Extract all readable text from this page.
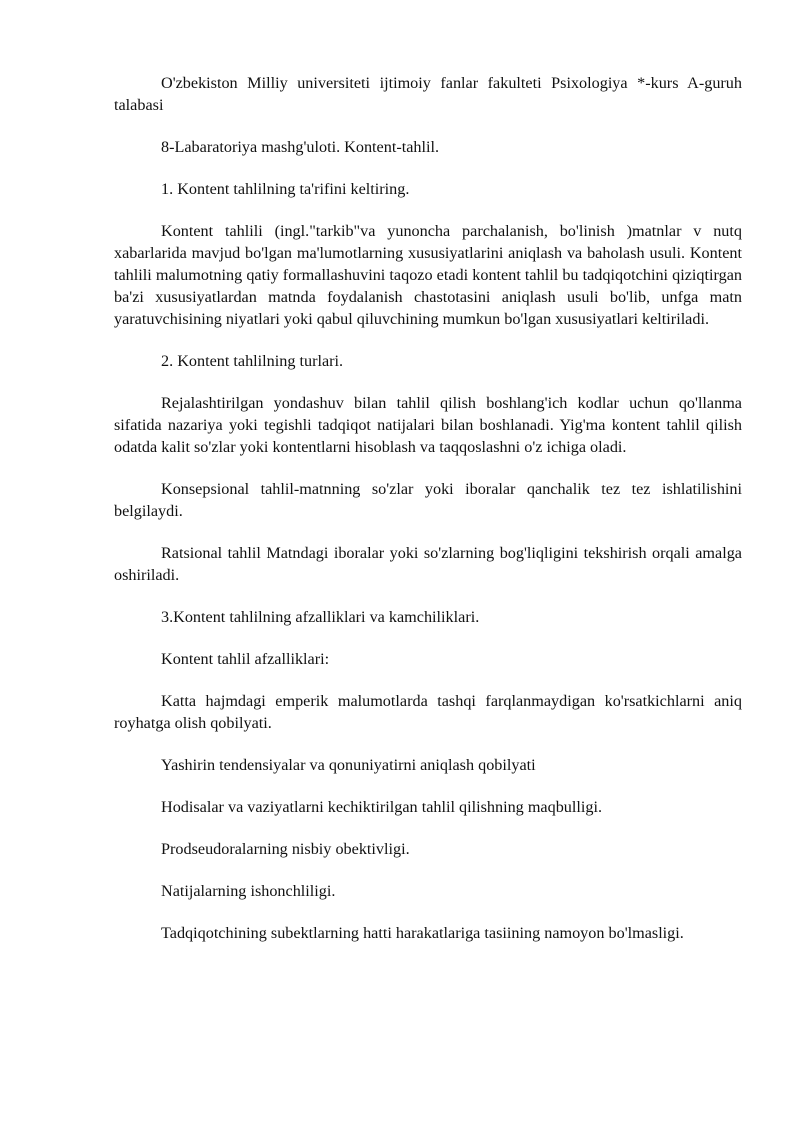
O'zbekiston Milliy universiteti ijtimoiy fanlar fakulteti Psixologiya *-kurs A-guruh talabasi

8-Labaratoriya mashg'uloti. Kontent-tahlil.

1. Kontent tahlilning ta'rifini keltiring.

Kontent tahlili (ingl."tarkib"va yunoncha parchalanish, bo'linish )matnlar v nutq xabarlarida mavjud bo'lgan ma'lumotlarning xususiyatlarini aniqlash va baholash usuli. Kontent tahlili malumotning qatiy formallashuvini taqozo etadi kontent tahlil bu tadqiqotchini qiziqtirgan ba'zi xususiyatlardan matnda foydalanish chastotasini aniqlash usuli bo'lib, unfga matn yaratuvchisining niyatlari yoki qabul qiluvchining mumkun bo'lgan xususiyatlari keltiriladi.

2. Kontent tahlilning turlari.

Rejalashtirilgan yondashuv bilan tahlil qilish boshlang'ich kodlar uchun qo'llanma sifatida nazariya yoki tegishli tadqiqot natijalari bilan boshlanadi. Yig'ma kontent tahlil qilish odatda kalit so'zlar yoki kontentlarni hisoblash va taqqoslashni o'z ichiga oladi.

Konsepsional tahlil-matnning so'zlar yoki iboralar qanchalik tez tez ishlatilishini belgilaydi.

Ratsional tahlil Matndagi iboralar yoki so'zlarning bog'liqligini tekshirish orqali amalga oshiriladi.

3.Kontent tahlilning afzalliklari va kamchiliklari.

Kontent tahlil afzalliklari:

Katta hajmdagi emperik malumotlarda tashqi farqlanmaydigan ko'rsatkichlarni aniq royhatga olish qobilyati.

Yashirin tendensiyalar va qonuniyatirni aniqlash qobilyati

Hodisalar va vaziyatlarni kechiktirilgan tahlil qilishning maqbulligi.

Prodseudoralarning nisbiy obektivligi.

Natijalarning ishonchliligi.

Tadqiqotchining subektlarning hatti harakatlariga tasiining namoyon bo'lmasligi.
